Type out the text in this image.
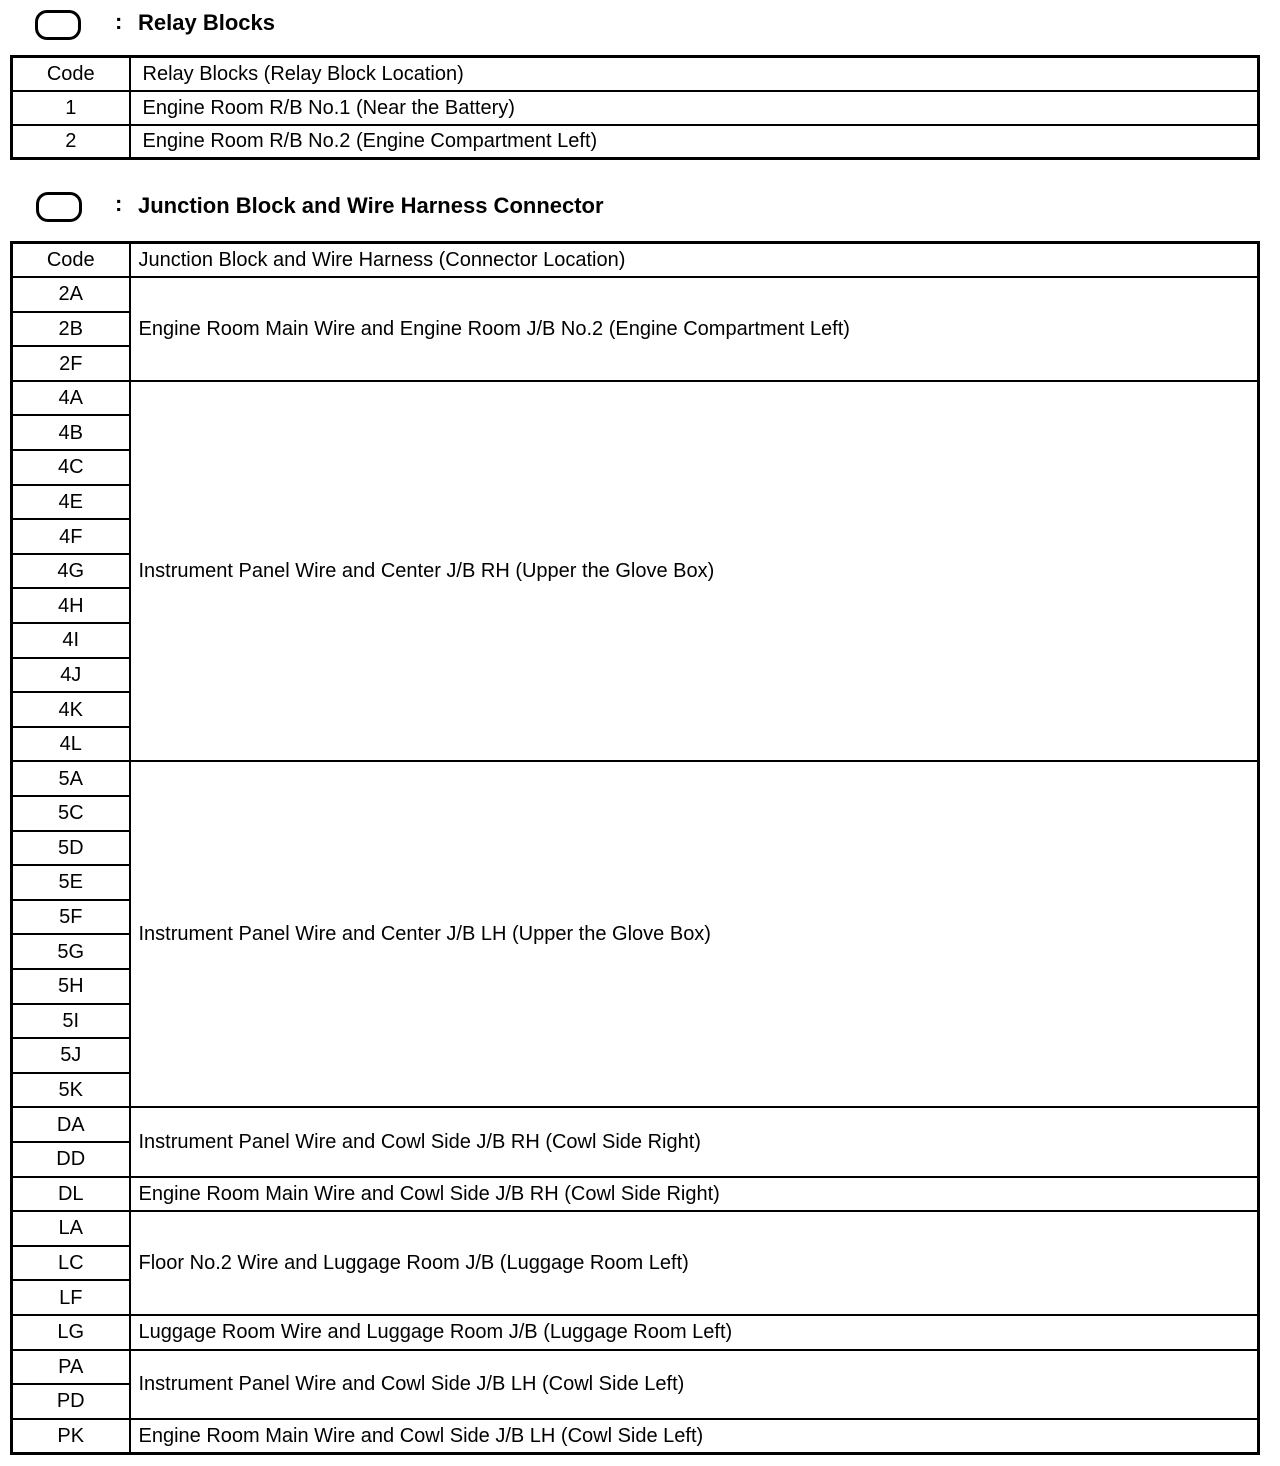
: Relay Blocks
Code	Relay Blocks (Relay Block Location)
1	Engine Room R/B No.1 (Near the Battery)
2	Engine Room R/B No.2 (Engine Compartment Left)
: Junction Block and Wire Harness Connector
Code	Junction Block and Wire Harness (Connector Location)
2A	Engine Room Main Wire and Engine Room J/B No.2 (Engine Compartment Left)
2B	
2F	
4A	Instrument Panel Wire and Center J/B RH (Upper the Glove Box)
4B	
4C	
4E	
4F	
4G	
4H	
4I	
4J	
4K	
4L	
5A	Instrument Panel Wire and Center J/B LH (Upper the Glove Box)
5C	
5D	
5E	
5F	
5G	
5H	
5I	
5J	
5K	
DA	Instrument Panel Wire and Cowl Side J/B RH (Cowl Side Right)
DD	
DL	Engine Room Main Wire and Cowl Side J/B RH (Cowl Side Right)
LA	Floor No.2 Wire and Luggage Room J/B (Luggage Room Left)
LC	
LF	
LG	Luggage Room Wire and Luggage Room J/B (Luggage Room Left)
PA	Instrument Panel Wire and Cowl Side J/B LH (Cowl Side Left)
PD	
PK	Engine Room Main Wire and Cowl Side J/B LH (Cowl Side Left)
